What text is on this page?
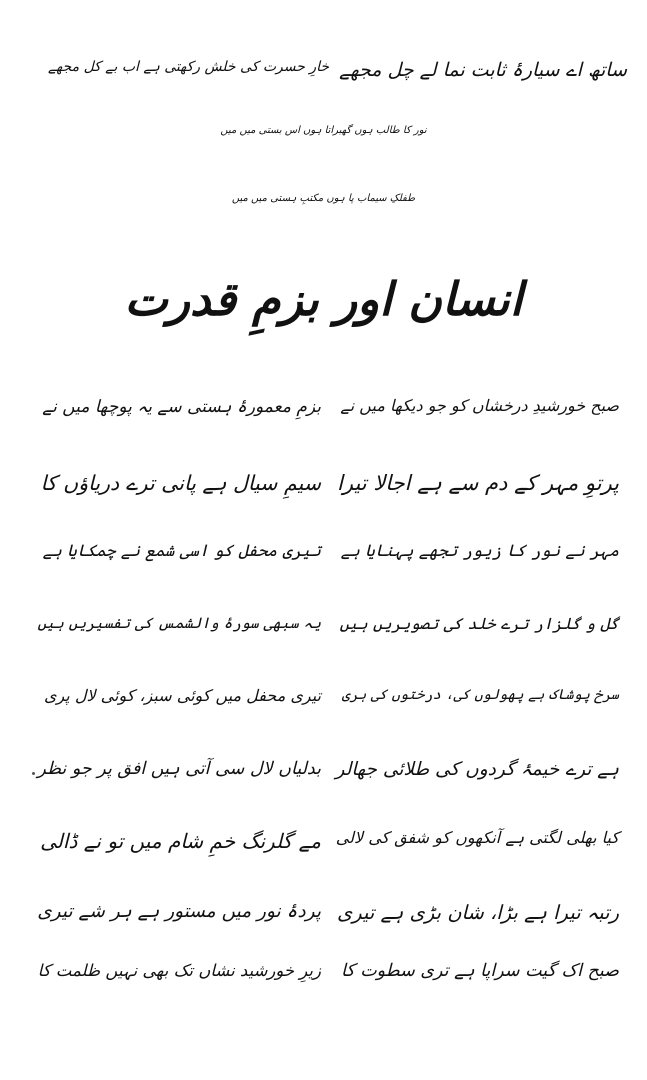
ساتھ اے سیارۂ ثابت نما لے چل مجھے
خارِ حسرت کی خلش رکھتی ہے اب بے کل مجھے
نور کا طالب ہوں گھبراتا ہوں اس بستی میں میں
طفلکِ سیماب پا ہوں مکتبِ ہستی میں میں
انسان اور بزمِ قدرت
صبح خورشیدِ درخشاں کو جو دیکھا میں نے
بزمِ معمورۂ ہستی سے یہ پوچھا میں نے
پرتوِ مہر کے دم سے ہے اجالا تیرا
سیمِ سیال ہے پانی ترے دریاؤں کا
مہر نے نور کا زیور تجھے پہنایا ہے
تیری محفل کو اسی شمع نے چمکایا ہے
گل و گلزار ترے خلد کی تصویریں ہیں
یہ سبھی سورۂ والشمس کی تفسیریں ہیں
سرخ پوشاک ہے پھولوں کی، درختوں کی ہری
تیری محفل میں کوئی سبز، کوئی لال پری
ہے ترے خیمۂ گردوں کی طلائی جھالر
بدلیاں لال سی آتی ہیں افق پر جو نظر
کیا بھلی لگتی ہے آنکھوں کو شفق کی لالی
مے گلرنگ خمِ شام میں تو نے ڈالی
رتبہ تیرا ہے بڑا، شان بڑی ہے تیری
پردۂ نور میں مستور ہے ہر شے تیری
صبح اک گیت سراپا ہے تری سطوت کا
زیرِ خورشید نشاں تک بھی نہیں ظلمت کا
